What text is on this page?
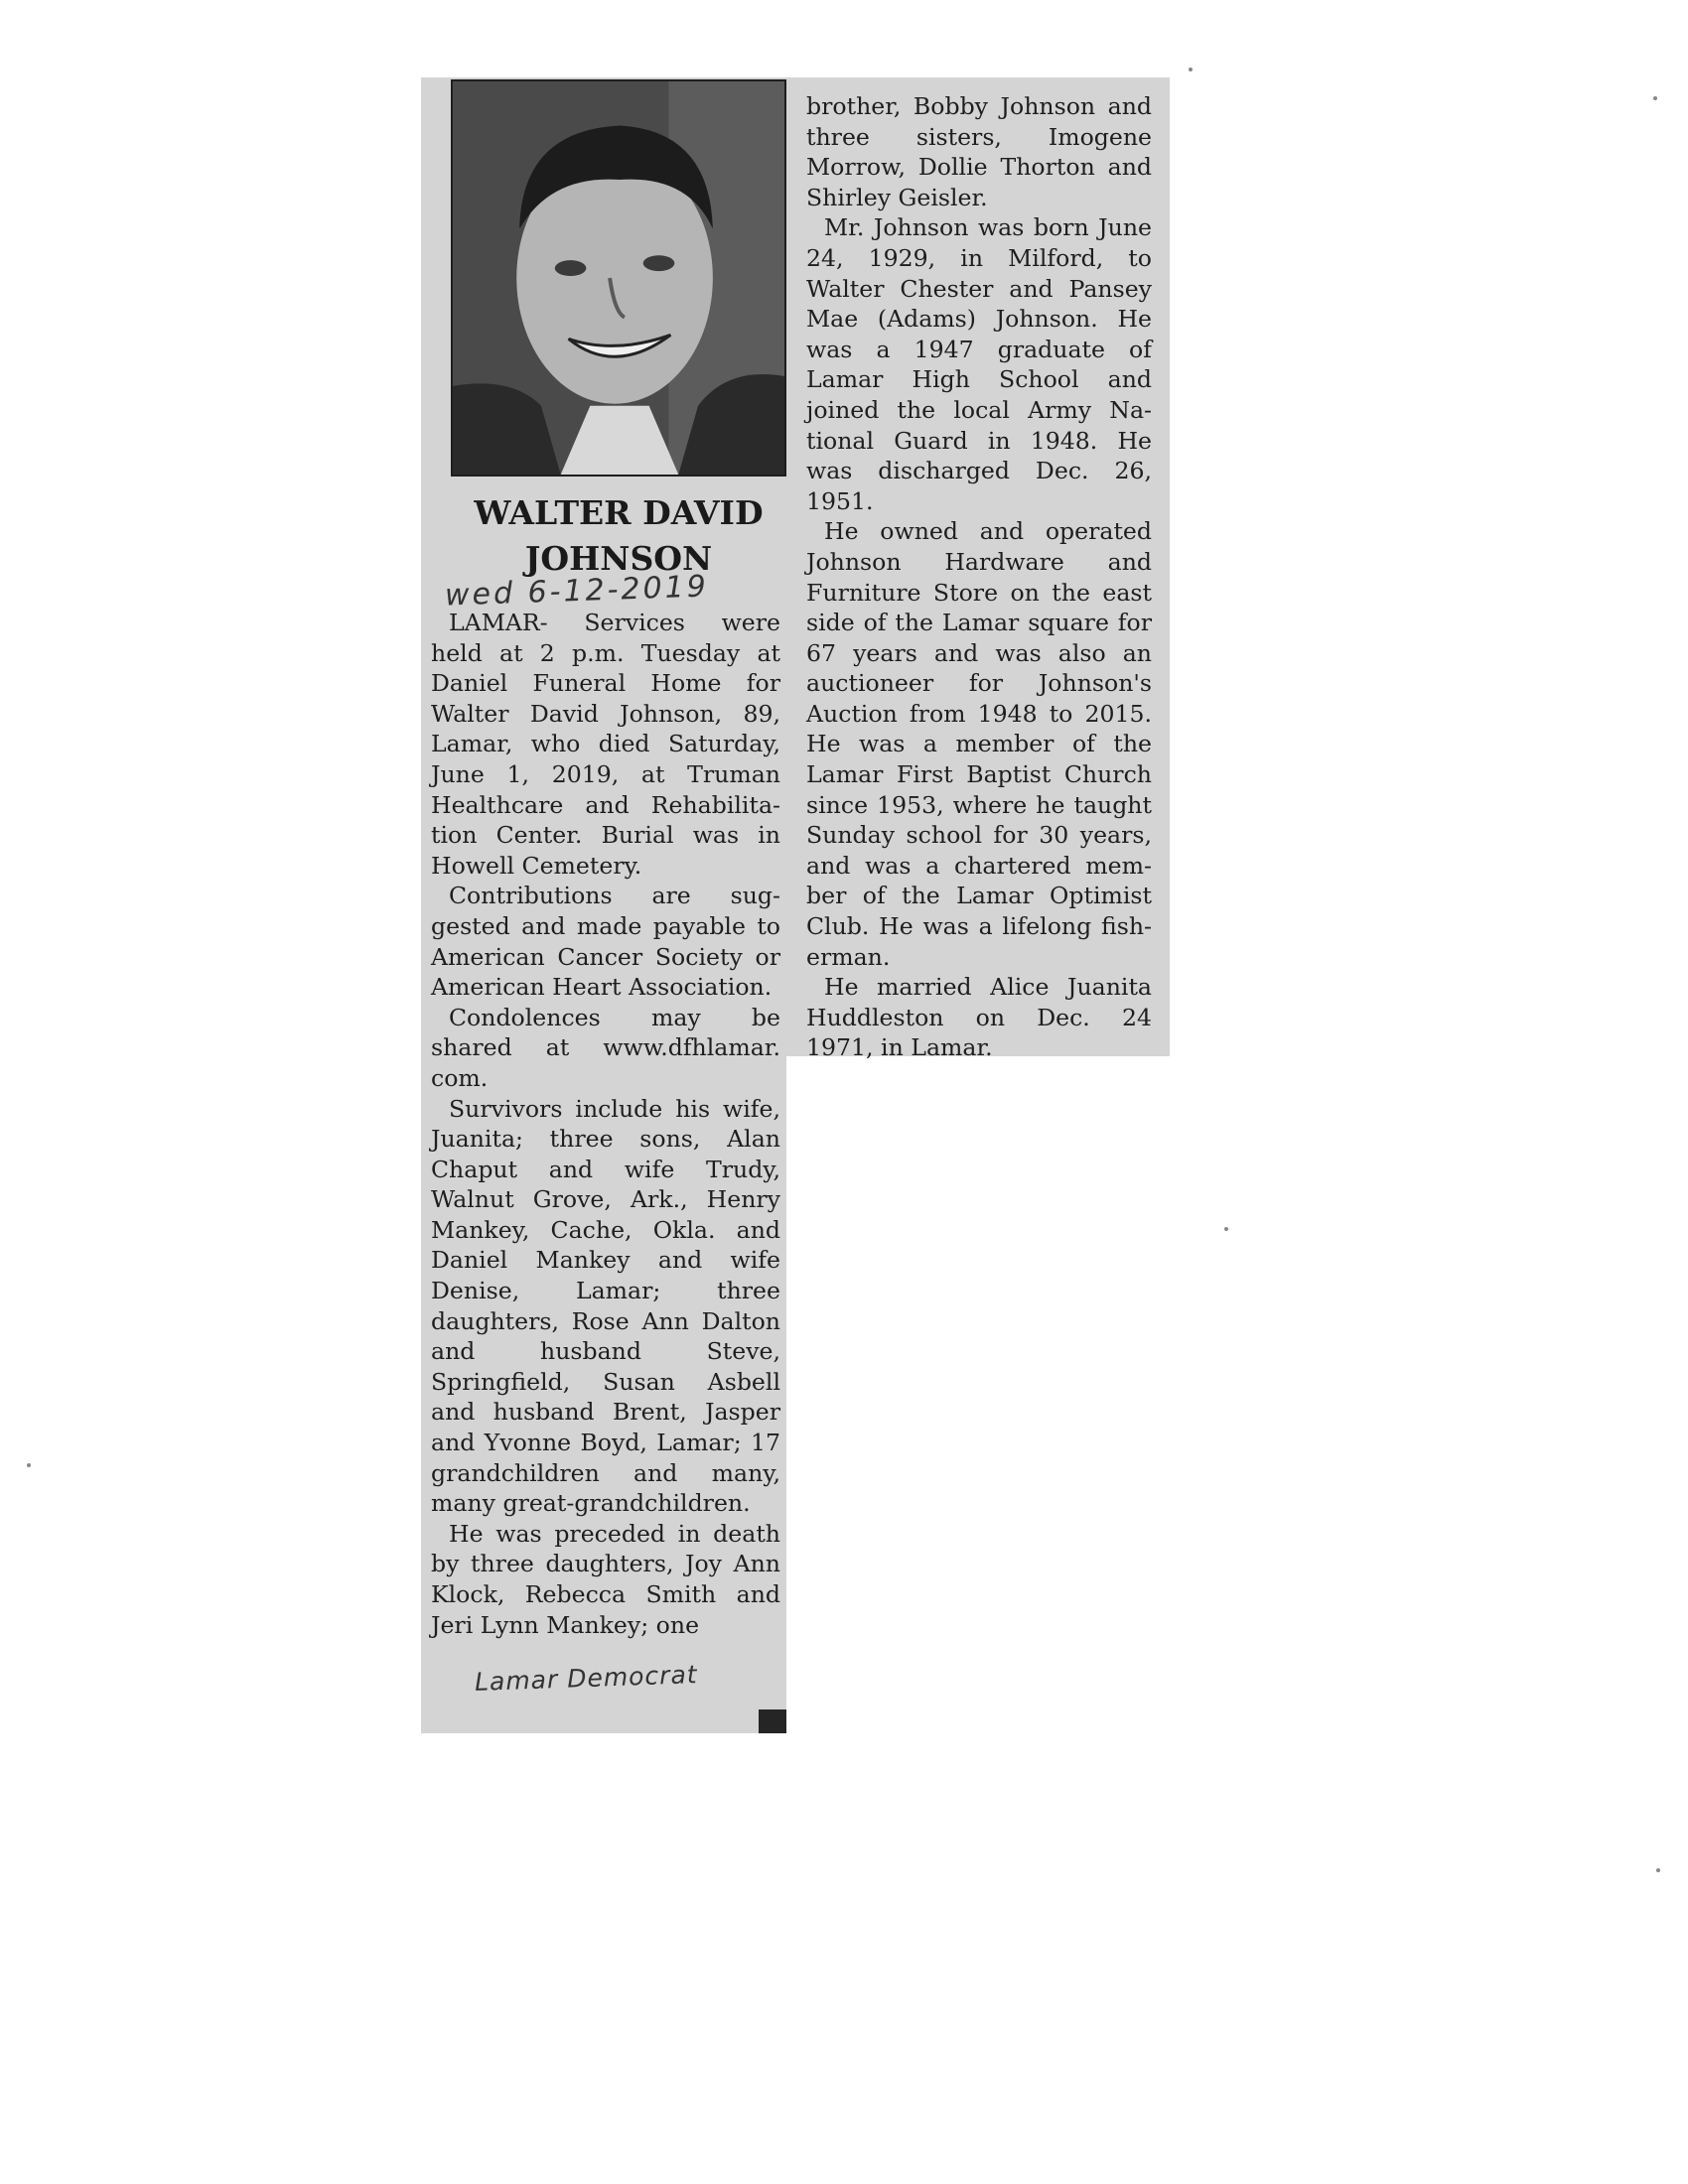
WALTER DAVID
JOHNSON
wed 6-12-2019

LAMAR- Services were held at 2 p.m. Tuesday at Daniel Funeral Home for Walter David Johnson, 89, Lamar, who died Saturday, June 1, 2019, at Truman Healthcare and Rehabilitation Center. Burial was in Howell Cemetery.

Contributions are suggested and made payable to American Cancer Society or American Heart Association.

Condolences may be shared at www.dfhlamar. com.

Survivors include his wife, Juanita; three sons, Alan Chaput and wife Trudy, Walnut Grove, Ark., Henry Mankey, Cache, Okla. and Daniel Mankey and wife Denise, Lamar; three daughters, Rose Ann Dalton and husband Steve, Springfield, Susan Asbell and husband Brent, Jasper and Yvonne Boyd, Lamar; 17 grandchildren and many, many great-grandchildren.

He was preceded in death by three daughters, Joy Ann Klock, Rebecca Smith and Jeri Lynn Mankey; one

brother, Bobby Johnson and three sisters, Imogene Morrow, Dollie Thorton and Shirley Geisler.

Mr. Johnson was born June 24, 1929, in Milford, to Walter Chester and Pansey Mae (Adams) Johnson. He was a 1947 graduate of Lamar High School and joined the local Army National Guard in 1948. He was discharged Dec. 26, 1951.

He owned and operated Johnson Hardware and Furniture Store on the east side of the Lamar square for 67 years and was also an auctioneer for Johnson's Auction from 1948 to 2015. He was a member of the Lamar First Baptist Church since 1953, where he taught Sunday school for 30 years, and was a chartered member of the Lamar Optimist Club. He was a lifelong fisherman.

He married Alice Juanita Huddleston on Dec. 24 1971, in Lamar.

Lamar Democrat
